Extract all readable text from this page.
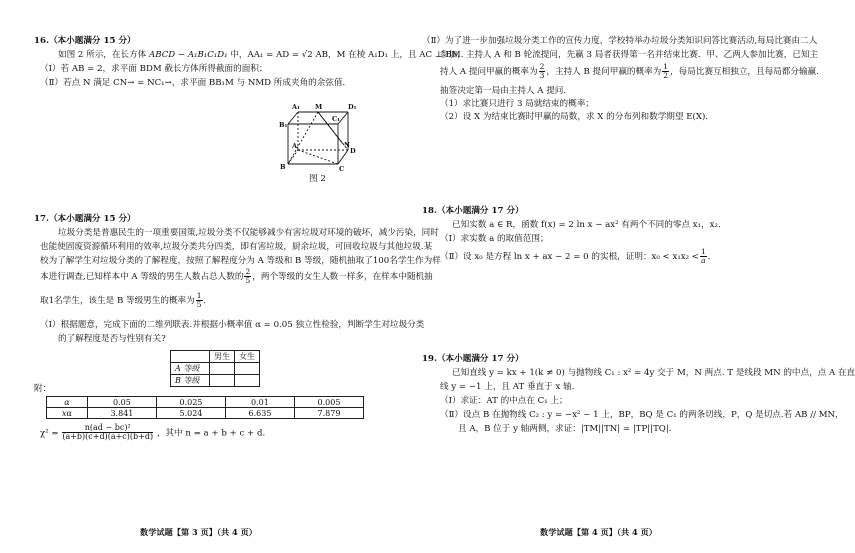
16.（本小题满分 15 分）
如图 2 所示，在长方体 ABCD − A₁B₁C₁D₁ 中，AA₁ = AD = √2 AB，M 在棱 A₁D₁ 上，且 AC ⊥ BM．
（Ⅰ）若 AB = 2，求平面 BDM 截长方体所得截面的面积；
（Ⅱ）若点 N 满足 CN→ = NC₁→，求平面 BB₁M 与 NMD 所成夹角的余弦值．
A₁ M	D₁
B₁
C₁
A
D
N
B	C
图 2
17.（本小题满分 15 分）
垃圾分类是普惠民生的一项重要国策,垃圾分类不仅能够减少有害垃圾对环境的破坏，减少污染，同时
也能使固废资源循环利用的效率,垃圾分类共分四类，即有害垃圾，厨余垃圾，可回收垃圾与其他垃圾.某
校为了解学生对垃圾分类的了解程度，按照了解程度分为 A 等级和 B 等级，随机抽取了100名学生作为样
本进行调查,已知样本中 A 等级的男生人数占总人数的 $\frac{2}{5}$ ，两个等级的女生人数一样多，在样本中随机抽
取1名学生，该生是 B 等级男生的概率为 $\frac{1}{5}$ ．
（Ⅰ）根据题意，完成下面的二维列联表.并根据小概率值 α = 0.05 独立性检验，判断学生对垃圾分类
的了解程度是否与性别有关?
	男生	女生
A 等级		
B 等级		
附：
α	0.05	0.025	0.01	0.005
xα	3.841	5.024	6.635	7.879
$\chi^2 = \frac{\text{n(ad − bc)²}}{(a+b)(c+d)(a+c)(b+d)}$ ，其中 n = a + b + c + d．
数学试题【第 3 页】（共 4 页）
（Ⅱ）为了进一步加强垃圾分类工作的宣传力度，学校特举办垃圾分类知识问答比赛活动,每局比赛由二人
参加，主持人 A 和 B 轮流提问，先赢 3 局者获得第一名并结束比赛．甲、乙两人参加比赛，已知主
持人 A 提问甲赢的概率为 $\frac{2}{3}$ ，主持人 B 提问甲赢的概率为 $\frac{1}{2}$ ，每局比赛互相独立，且每局都分输赢.
抽签决定第一局由主持人 A 提问．
（1）求比赛只进行 3 局就结束的概率；
（2）设 X 为结束比赛时甲赢的局数，求 X 的分布列和数学期望 E(X)．
18.（本小题满分 17 分）
已知实数 a ∈ R，函数 f(x) = 2 ln x − ax² 有两个不同的零点 x₁，x₂．
（Ⅰ）求实数 a 的取值范围；
（Ⅱ）设 x₀ 是方程 ln x + ax − 2 = 0 的实根，证明：$x_0 < x_1x_2 < \frac{1}{a}$ ．
19.（本小题满分 17 分）
已知直线 y = kx + 1(k ≠ 0) 与抛物线 C₁ : x² = 4y 交于 M，N 两点. T 是线段 MN 的中点，点 A 在直
线 y = −1 上，且 AT 垂直于 x 轴.
（Ⅰ）求证：AT 的中点在 C₁ 上；
（Ⅱ）设点 B 在抛物线 C₂ : y = −x² − 1 上，BP，BQ 是 C₁ 的两条切线，P，Q 是切点.若 AB // MN，
且 A，B 位于 y 轴两侧，求证：|TM||TN| = |TP||TQ|．
数学试题【第 4 页】（共 4 页）
